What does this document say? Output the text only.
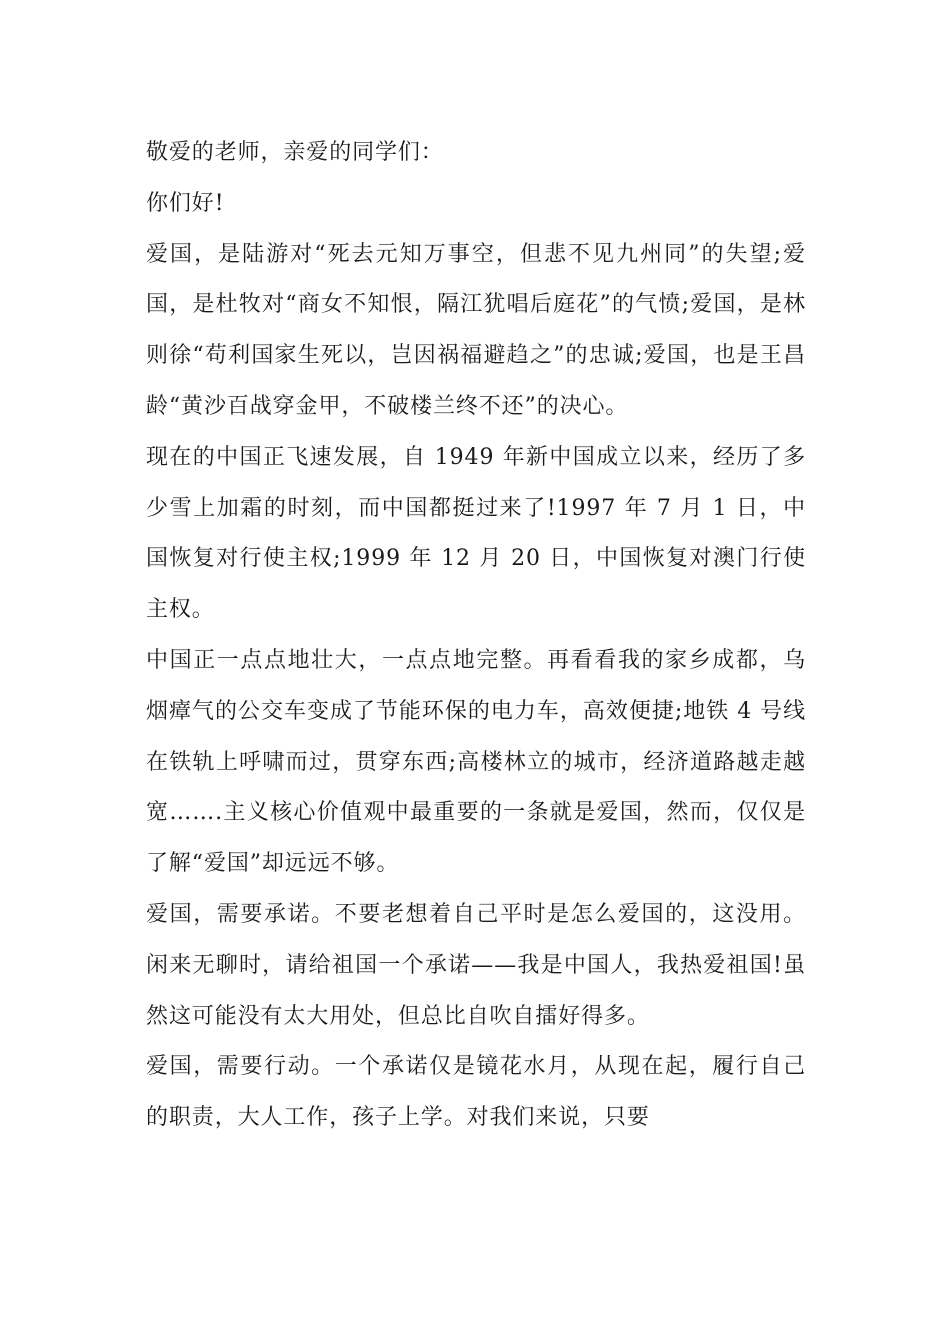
敬爱的老师，亲爱的同学们：

你们好!

爱国，是陆游对“死去元知万事空，但悲不见九州同”的失望;爱国，是杜牧对“商女不知恨，隔江犹唱后庭花”的气愤;爱国，是林则徐“苟利国家生死以，岂因祸福避趋之”的忠诚;爱国，也是王昌龄“黄沙百战穿金甲，不破楼兰终不还”的决心。

现在的中国正飞速发展，自 1949 年新中国成立以来，经历了多少雪上加霜的时刻，而中国都挺过来了!1997 年 7 月 1 日，中国恢复对行使主权;1999 年 12 月 20 日，中国恢复对澳门行使主权。

中国正一点点地壮大，一点点地完整。再看看我的家乡成都，乌烟瘴气的公交车变成了节能环保的电力车，高效便捷;地铁 4 号线在铁轨上呼啸而过，贯穿东西;高楼林立的城市，经济道路越走越宽…….主义核心价值观中最重要的一条就是爱国，然而，仅仅是了解“爱国”却远远不够。

爱国，需要承诺。不要老想着自己平时是怎么爱国的，这没用。闲来无聊时，请给祖国一个承诺——我是中国人，我热爱祖国!虽然这可能没有太大用处，但总比自吹自擂好得多。

爱国，需要行动。一个承诺仅是镜花水月，从现在起，履行自己的职责，大人工作，孩子上学。对我们来说，只要
